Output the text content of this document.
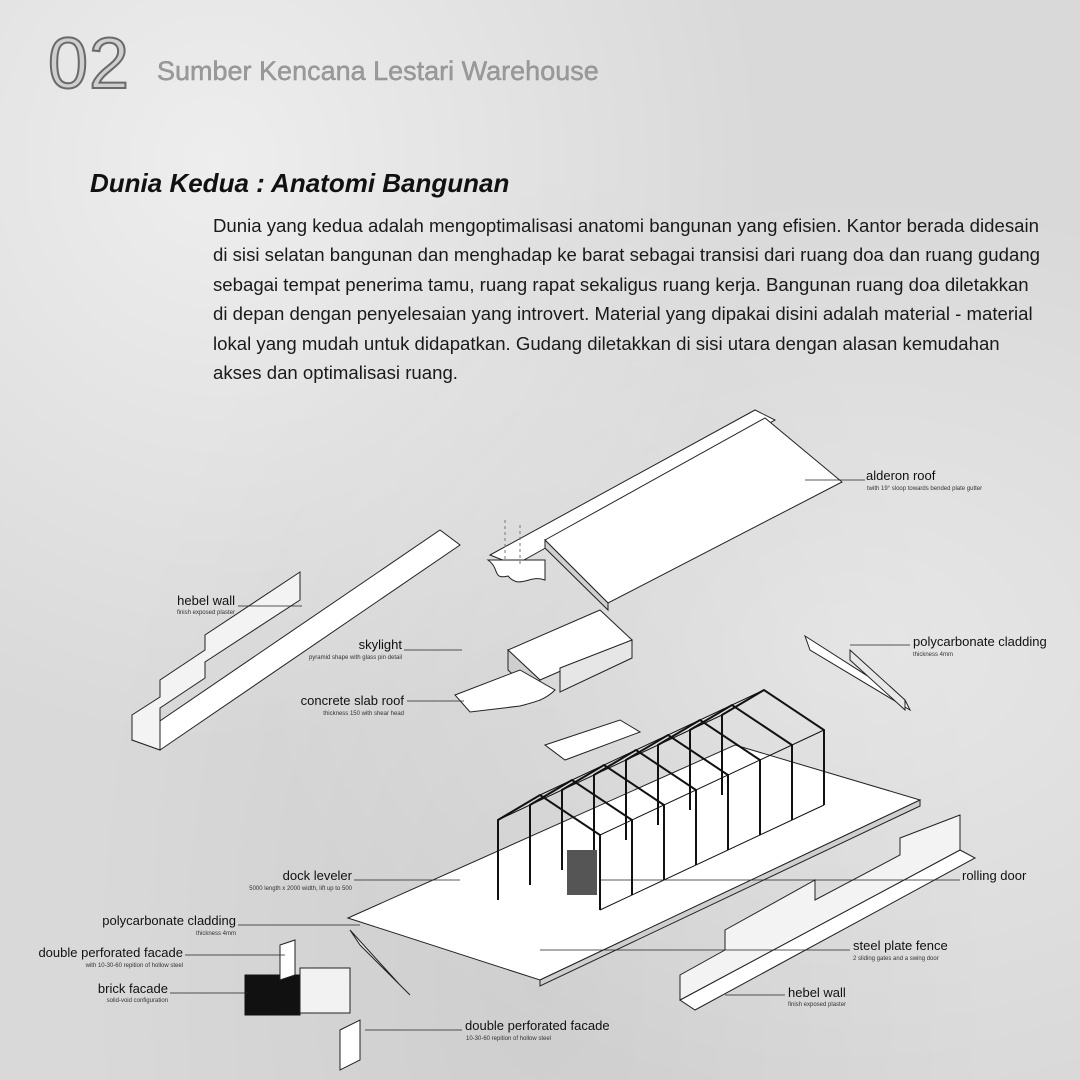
02 Sumber Kencana Lestari Warehouse
Dunia Kedua : Anatomi Bangunan
Dunia yang kedua adalah mengoptimalisasi anatomi bangunan yang efisien. Kantor berada didesain di sisi selatan bangunan dan menghadap ke barat sebagai transisi dari ruang doa dan ruang gudang sebagai tempat penerima tamu, ruang rapat sekaligus ruang kerja. Bangunan ruang doa diletakkan di depan dengan penyelesaian yang introvert. Material yang dipakai disini adalah material - material lokal yang mudah untuk didapatkan. Gudang diletakkan di sisi utara dengan alasan kemudahan akses dan optimalisasi ruang.
alderon roof
twith 19° sloop towards bended plate gutter
hebel wall
finish exposed plaster
skylight
pyramid shape with glass pin detail
concrete slab roof
thickness 150 with shear head
polycarbonate cladding
thickness 4mm
dock leveler
5000 length x 2000 width, lift up to 500
rolling door
polycarbonate cladding
thickness 4mm
double perforated facade
with 10-30-60 repition of hollow steel
brick facade
solid-void configuration
steel plate fence
2 sliding gates and a swing door
hebel wall
finish exposed plaster
double perforated facade
10-30-60 repition of hollow steel
